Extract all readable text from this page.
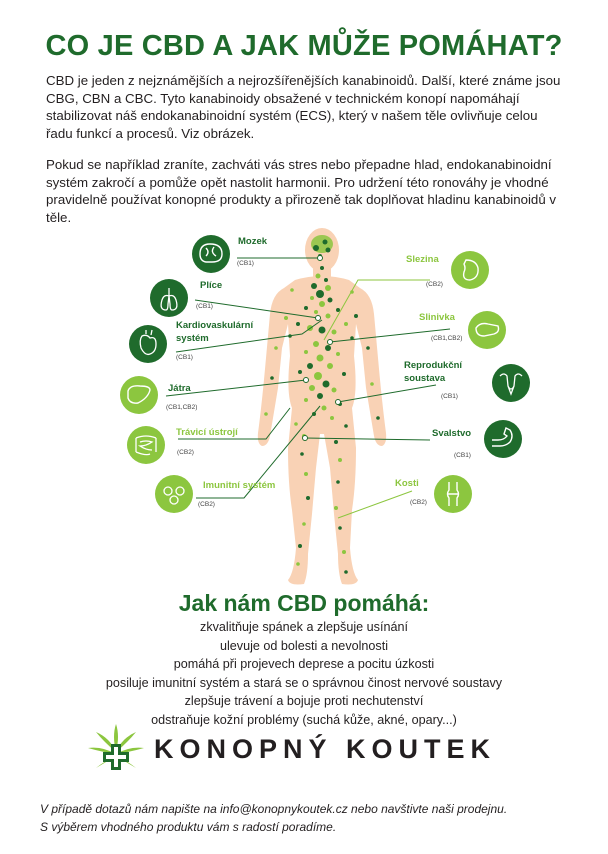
CO JE CBD A JAK MŮŽE POMÁHAT?
CBD je jeden z nejznámějších a nejrozšířenějších kanabinoidů. Další, které známe jsou CBG, CBN a CBC. Tyto kanabinoidy obsažené v technickém konopí napomáhají stabilizovat náš endokanabinoidní systém (ECS), který v našem těle ovlivňuje celou řadu funkcí a procesů. Viz obrázek.
Pokud se například zraníte, zachváti vás stres nebo přepadne hlad, endokanabinoidní systém zakročí a pomůže opět nastolit harmonii. Pro udržení této ronováhy je vhodné pravidelně používat konopné produkty a přirozeně tak doplňovat hladinu kanabinoidů v těle.
Mozek
(CB1)
Plíce
(CB1)
Kardiovaskulární
systém
(CB1)
Játra
(CB1,CB2)
Trávicí ústrojí
(CB2)
Imunitní systém
(CB2)
Slezina
(CB2)
Slinivka
(CB1,CB2)
Reprodukční
soustava
(CB1)
Svalstvo
(CB1)
Kosti
(CB2)
Jak nám CBD pomáhá:
zkvalitňuje spánek a zlepšuje usínání
ulevuje od bolesti a nevolnosti
pomáhá při projevech deprese a pocitu úzkosti
posiluje imunitní systém a stará se o správnou činost nervové soustavy
zlepšuje trávení a bojuje proti nechutenství
odstraňuje kožní problémy (suchá kůže, akné, opary...)
KONOPNÝ KOUTEK
V případě dotazů nám napište na info@konopnykoutek.cz nebo navštivte naši prodejnu.
S výběrem vhodného produktu vám s radostí poradíme.
